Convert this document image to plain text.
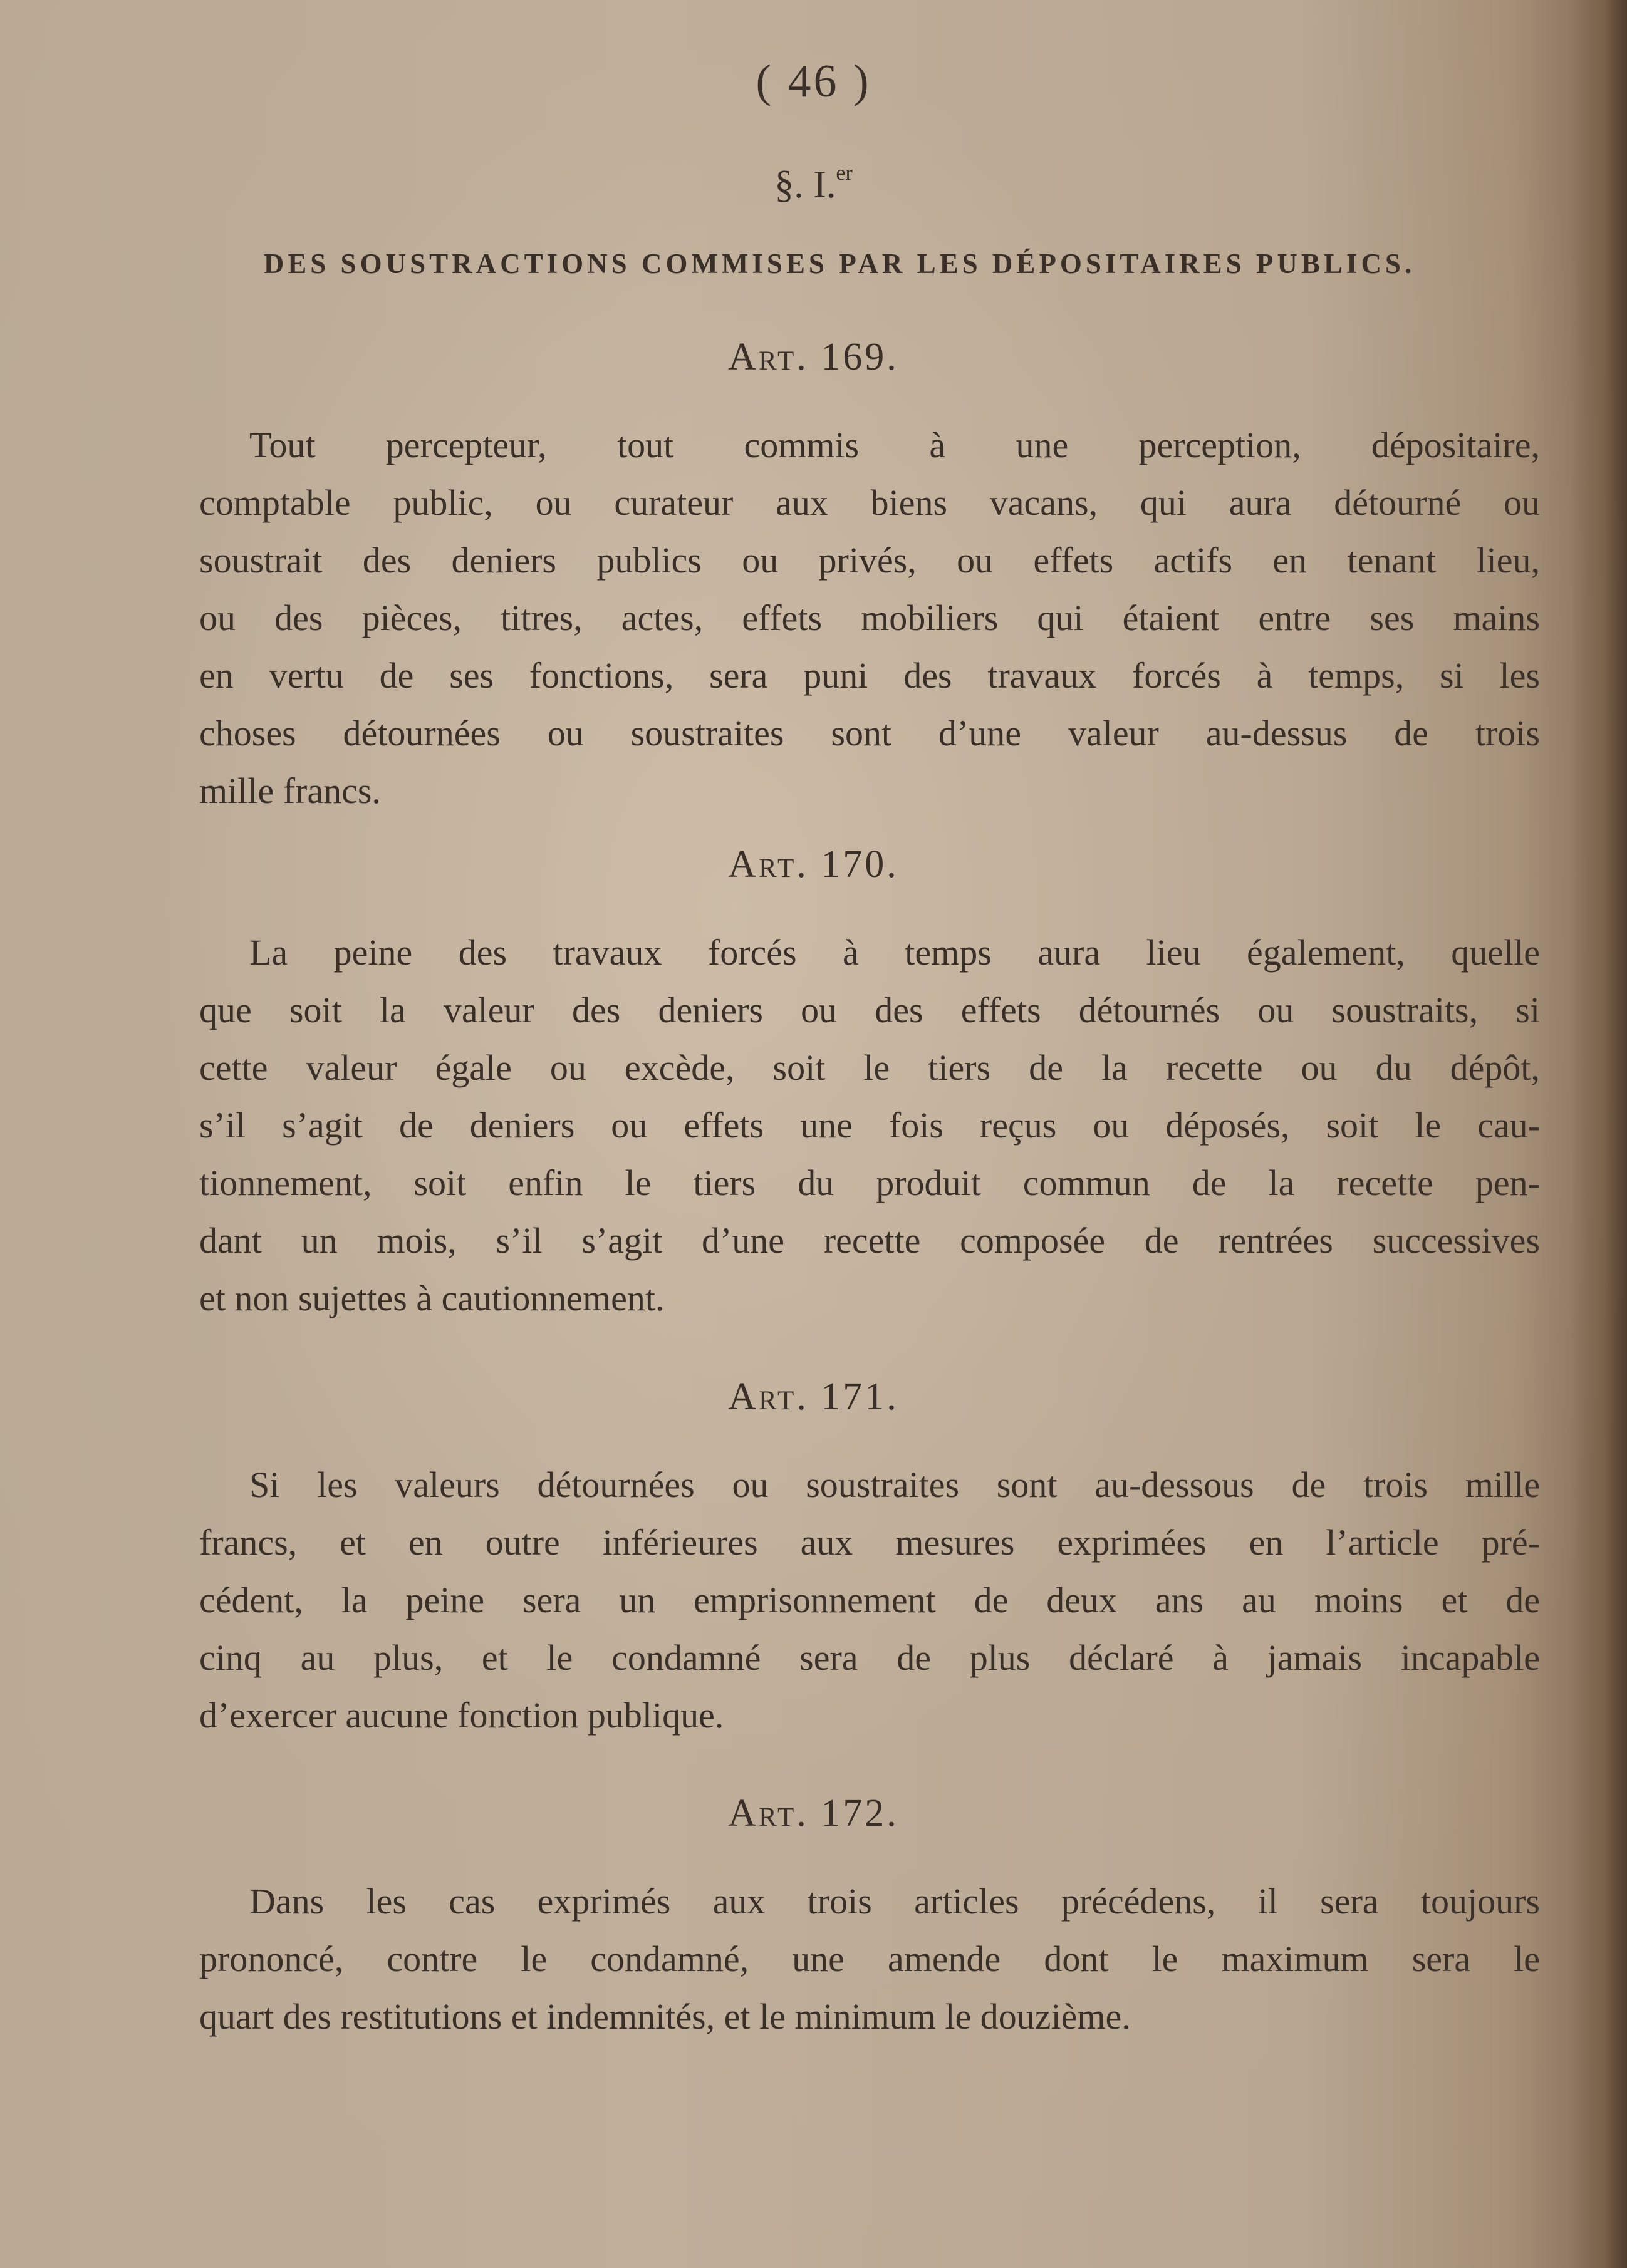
( 46 )
§. I.$^{er}$
DES SOUSTRACTIONS COMMISES PAR LES DÉPOSITAIRES PUBLICS.
Art. 169.
Tout percepteur, tout commis à une perception, dépositaire,
comptable public, ou curateur aux biens vacans, qui aura détourné ou
soustrait des deniers publics ou privés, ou effets actifs en tenant lieu,
ou des pièces, titres, actes, effets mobiliers qui étaient entre ses mains
en vertu de ses fonctions, sera puni des travaux forcés à temps, si les
choses détournées ou soustraites sont d’une valeur au-dessus de trois
mille francs.
Art. 170.
La peine des travaux forcés à temps aura lieu également, quelle
que soit la valeur des deniers ou des effets détournés ou soustraits, si
cette valeur égale ou excède, soit le tiers de la recette ou du dépôt,
s’il s’agit de deniers ou effets une fois reçus ou déposés, soit le cau-
tionnement, soit enfin le tiers du produit commun de la recette pen-
dant un mois, s’il s’agit d’une recette composée de rentrées successives
et non sujettes à cautionnement.
Art. 171.
Si les valeurs détournées ou soustraites sont au-dessous de trois mille
francs, et en outre inférieures aux mesures exprimées en l’article pré-
cédent, la peine sera un emprisonnement de deux ans au moins et de
cinq au plus, et le condamné sera de plus déclaré à jamais incapable
d’exercer aucune fonction publique.
Art. 172.
Dans les cas exprimés aux trois articles précédens, il sera toujours
prononcé, contre le condamné, une amende dont le maximum sera le
quart des restitutions et indemnités, et le minimum le douzième.
